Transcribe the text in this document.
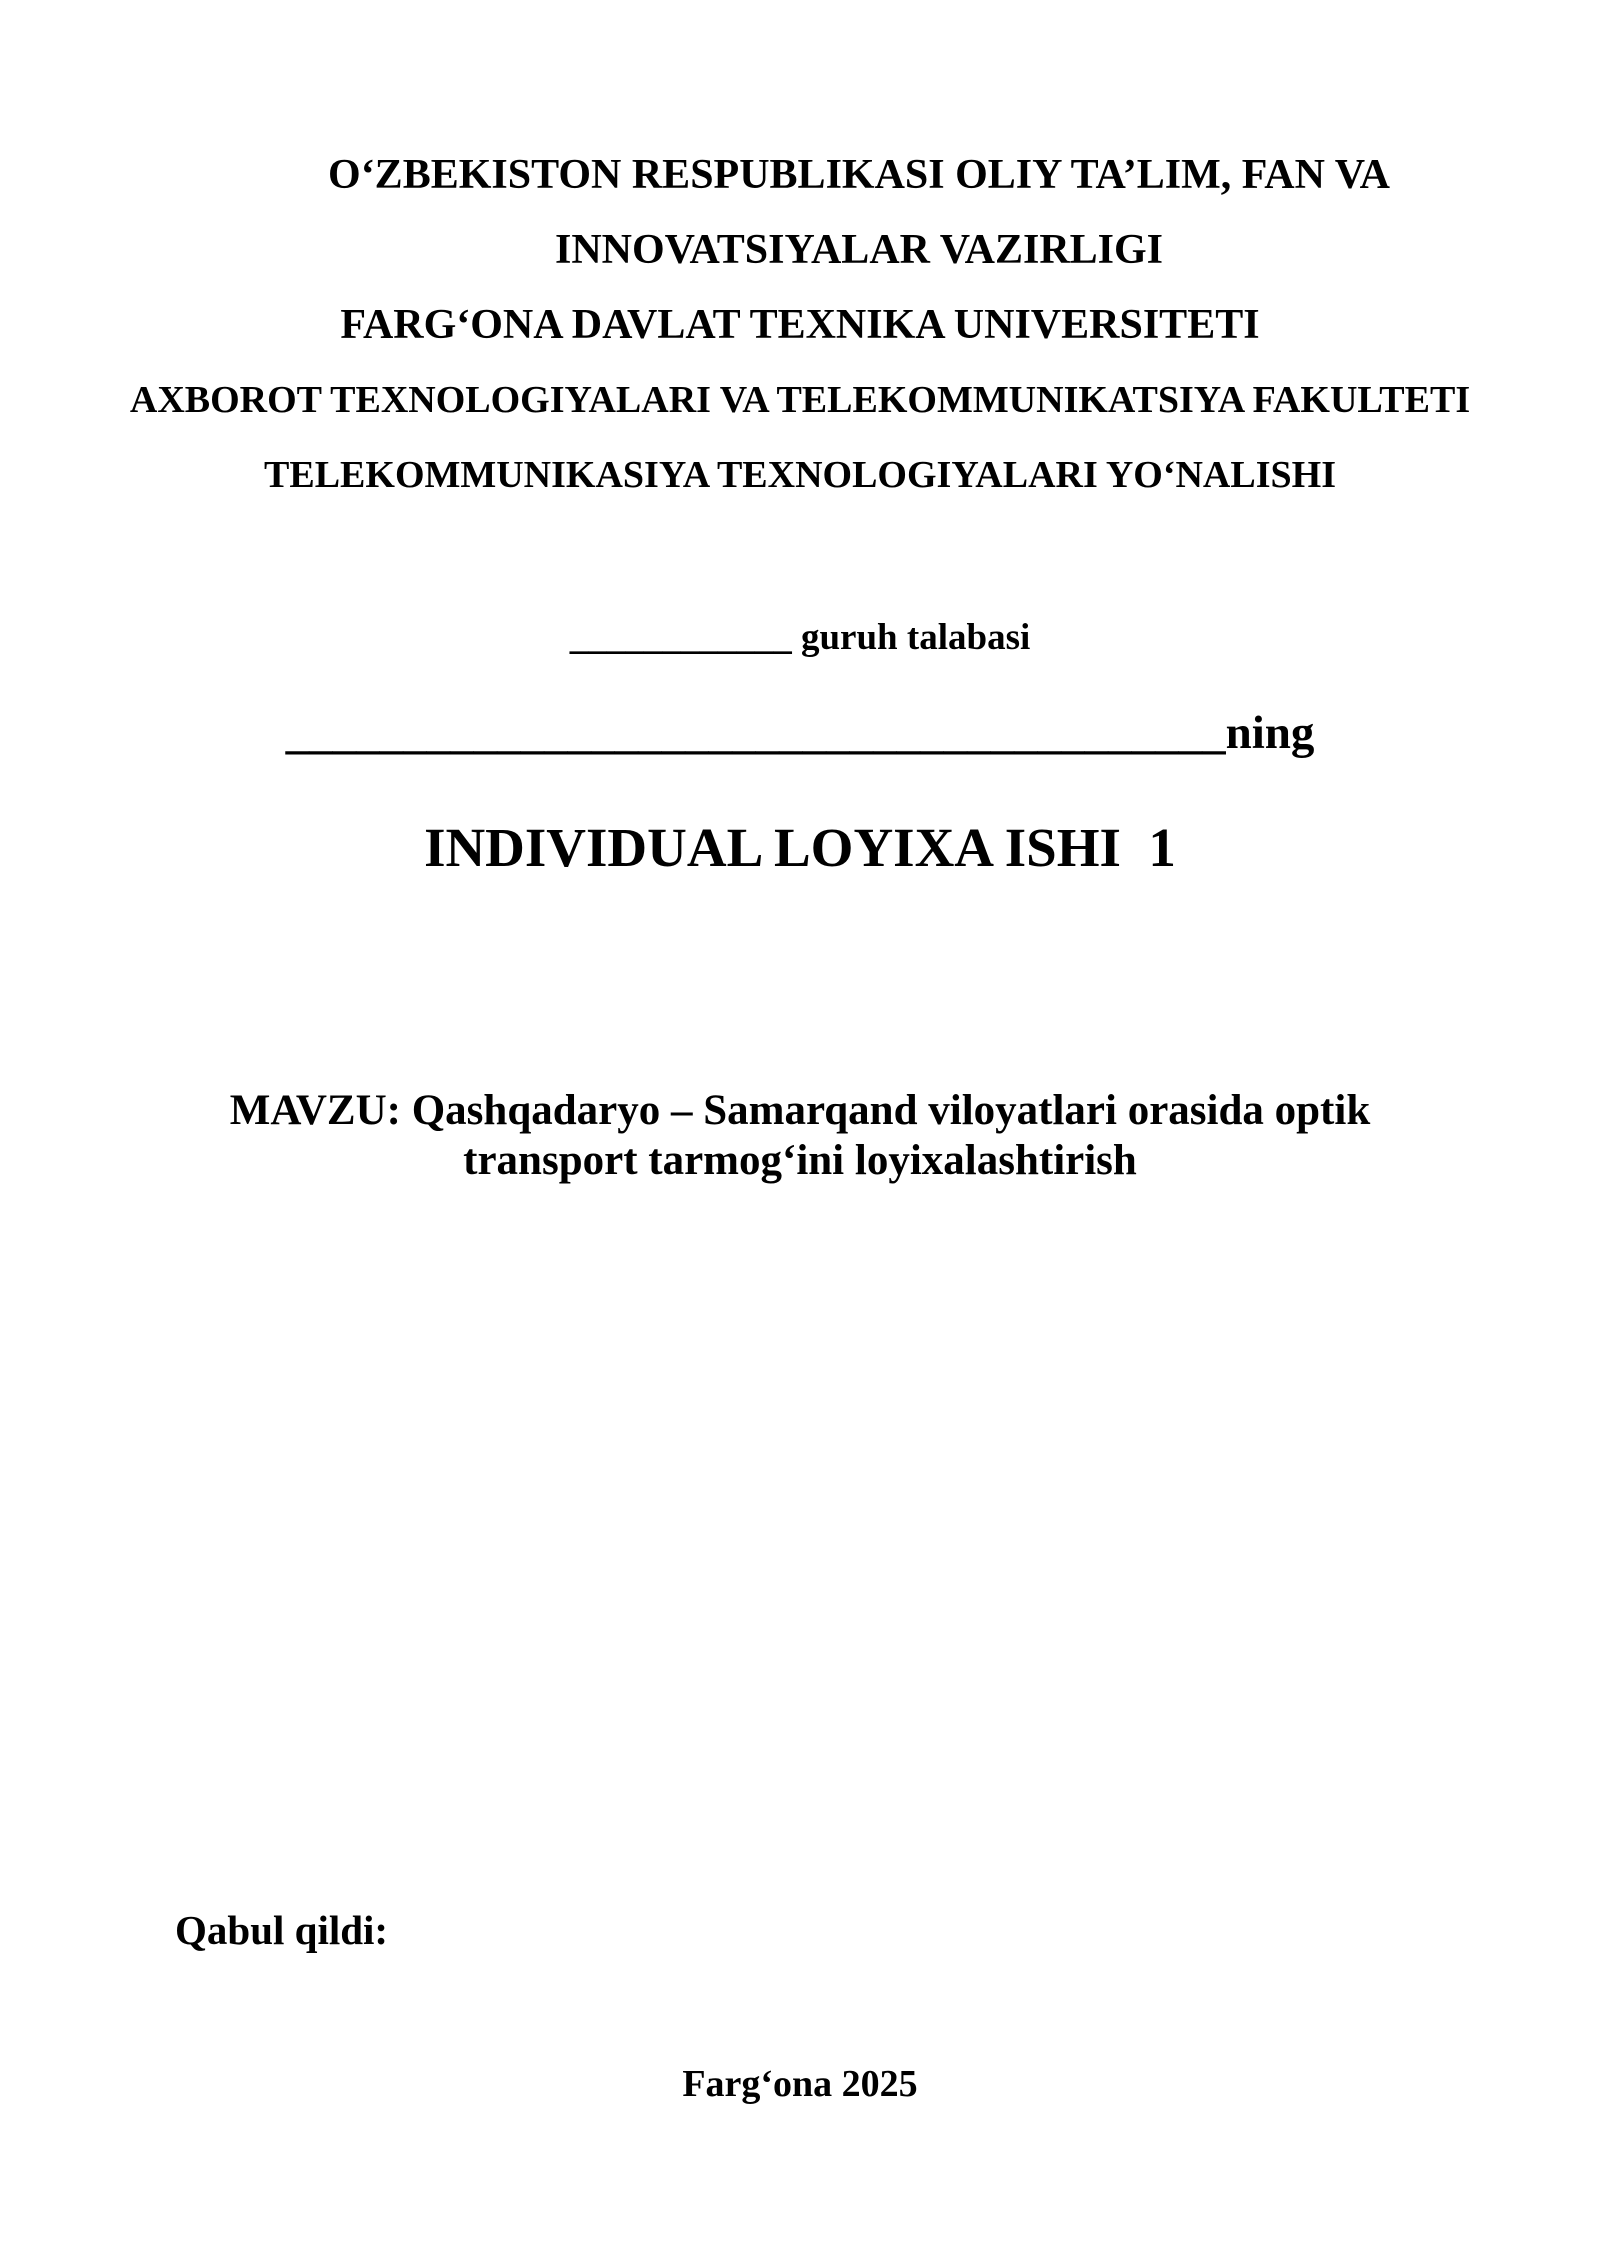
O‘ZBEKISTON RESPUBLIKASI OLIY TA’LIM, FAN VA
INNOVATSIYALAR VAZIRLIGI
FARG‘ONA DAVLAT TEXNIKA UNIVERSITETI
AXBOROT TEXNOLOGIYALARI VA TELEKOMMUNIKATSIYA FAKULTETI
TELEKOMMUNIKASIYA TEXNOLOGIYALARI YO‘NALISHI
____________ guruh talabasi
________________________________________ning
INDIVIDUAL LOYIXA ISHI  1
MAVZU: Qashqadaryo – Samarqand viloyatlari orasida optik
transport tarmog‘ini loyixalashtirish
Qabul qildi:
Farg‘ona 2025
